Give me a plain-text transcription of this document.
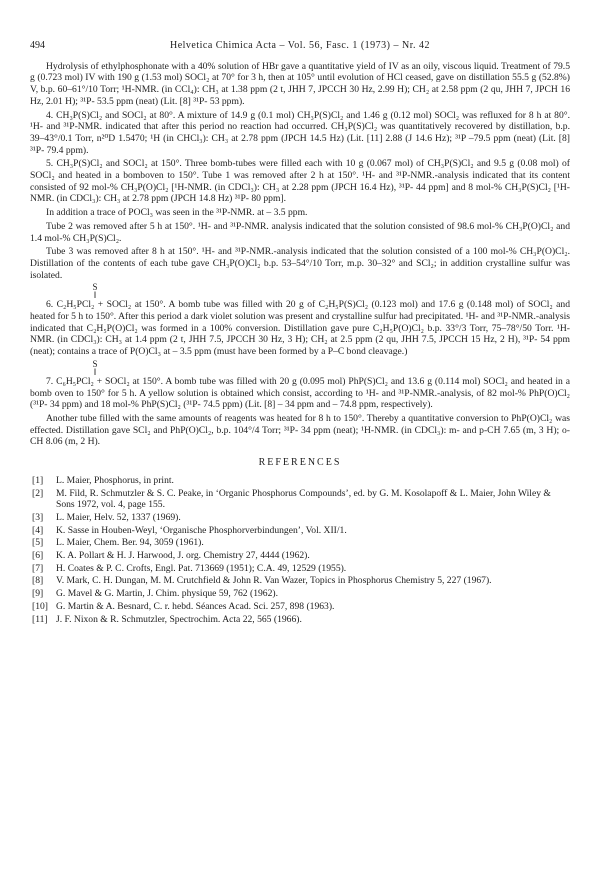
494	Helvetica Chimica Acta – Vol. 56, Fasc. 1 (1973) – Nr. 42

Hydrolysis of ethylphosphonate with a 40% solution of HBr gave a quantitative yield of IV as an oily, viscous liquid. Treatment of 79.5 g (0.723 mol) IV with 190 g (1.53 mol) SOCl₂ at 70° for 3 h, then at 105° until evolution of HCl ceased, gave on distillation 55.5 g (52.8%) V, b.p. 60–61°/10 Torr; ¹H-NMR. (in CCl₄): CH₃ at 1.38 ppm (2 t, JHH 7, JPCCH 30 Hz, 2.99 H); CH₂ at 2.58 ppm (2 qu, JHH 7, JPCH 16 Hz, 2.01 H); ³¹P- 53.5 ppm (neat) (Lit. [8] ³¹P- 53 ppm).

4. CH₃P(S)Cl₂ and SOCl₂ at 80°. A mixture of 14.9 g (0.1 mol) CH₃P(S)Cl₂ and 1.46 g (0.12 mol) SOCl₂ was refluxed for 8 h at 80°. ¹H- and ³¹P-NMR. indicated that after this period no reaction had occurred. CH₃P(S)Cl₂ was quantitatively recovered by distillation, b.p. 39–43°/0.1 Torr, n²⁰D 1.5470; ¹H (in CHCl₃): CH₃ at 2.78 ppm (JPCH 14.5 Hz) (Lit. [11] 2.88 (J 14.6 Hz); ³¹P –79.5 ppm (neat) (Lit. [8] ³¹P- 79.4 ppm).

5. CH₃P(S)Cl₂ and SOCl₂ at 150°. Three bomb-tubes were filled each with 10 g (0.067 mol) of CH₃P(S)Cl₂ and 9.5 g (0.08 mol) of SOCl₂ and heated in a bomboven to 150°. Tube 1 was removed after 2 h at 150°. ¹H- and ³¹P-NMR.-analysis indicated that its content consisted of 92 mol-% CH₃P(O)Cl₂ [¹H-NMR. (in CDCl₃): CH₃ at 2.28 ppm (JPCH 16.4 Hz), ³¹P- 44 ppm] and 8 mol-% CH₃P(S)Cl₂ [¹H-NMR. (in CDCl₃): CH₃ at 2.78 ppm (JPCH 14.8 Hz) ³¹P- 80 ppm].

In addition a trace of POCl₃ was seen in the ³¹P-NMR. at – 3.5 ppm.

Tube 2 was removed after 5 h at 150°. ¹H- and ³¹P-NMR. analysis indicated that the solution consisted of 98.6 mol-% CH₃P(O)Cl₂ and 1.4 mol-% CH₃P(S)Cl₂.

Tube 3 was removed after 8 h at 150°. ¹H- and ³¹P-NMR.-analysis indicated that the solution consisted of a 100 mol-% CH₃P(O)Cl₂. Distillation of the contents of each tube gave CH₃P(O)Cl₂ b.p. 53–54°/10 Torr, m.p. 30–32° and SCl₂; in addition crystalline sulfur was isolated.

S
‖

6. C₂H₅PCl₂ + SOCl₂ at 150°. A bomb tube was filled with 20 g of C₂H₅P(S)Cl₂ (0.123 mol) and 17.6 g (0.148 mol) of SOCl₂ and heated for 5 h to 150°. After this period a dark violet solution was present and crystalline sulfur had precipitated. ¹H- and ³¹P-NMR.-analysis indicated that C₂H₅P(O)Cl₂ was formed in a 100% conversion. Distillation gave pure C₂H₅P(O)Cl₂ b.p. 33°/3 Torr, 75–78°/50 Torr. ¹H-NMR. (in CDCl₃): CH₃ at 1.4 ppm (2 t, JHH 7.5, JPCCH 30 Hz, 3 H); CH₂ at 2.5 ppm (2 qu, JHH 7.5, JPCCH 15 Hz, 2 H), ³¹P- 54 ppm (neat); contains a trace of P(O)Cl₃ at – 3.5 ppm (must have been formed by a P–C bond cleavage.)

S
‖

7. C₆H₅PCl₂ + SOCl₂ at 150°. A bomb tube was filled with 20 g (0.095 mol) PhP(S)Cl₂ and 13.6 g (0.114 mol) SOCl₂ and heated in a bomb oven to 150° for 5 h. A yellow solution is obtained which consist, according to ¹H- and ³¹P-NMR.-analysis, of 82 mol-% PhP(O)Cl₂ (³¹P- 34 ppm) and 18 mol-% PhP(S)Cl₂ (³¹P- 74.5 ppm) (Lit. [8] – 34 ppm and – 74.8 ppm, respectively).

Another tube filled with the same amounts of reagents was heated for 8 h to 150°. Thereby a quantitative conversion to PhP(O)Cl₂ was effected. Distillation gave SCl₂ and PhP(O)Cl₂, b.p. 104°/4 Torr; ³¹P- 34 ppm (neat); ¹H-NMR. (in CDCl₃): m- and p-CH 7.65 (m, 3 H); o-CH 8.06 (m, 2 H).

REFERENCES
[1]	L. Maier, Phosphorus, in print.
[2]	M. Fild, R. Schmutzler & S. C. Peake, in ‘Organic Phosphorus Compounds’, ed. by G. M. Kosolapoff & L. Maier, John Wiley & Sons 1972, vol. 4, page 155.
[3]	L. Maier, Helv. 52, 1337 (1969).
[4]	K. Sasse in Houben-Weyl, ‘Organische Phosphorverbindungen’, Vol. XII/1.
[5]	L. Maier, Chem. Ber. 94, 3059 (1961).
[6]	K. A. Pollart & H. J. Harwood, J. org. Chemistry 27, 4444 (1962).
[7]	H. Coates & P. C. Crofts, Engl. Pat. 713669 (1951); C.A. 49, 12529 (1955).
[8]	V. Mark, C. H. Dungan, M. M. Crutchfield & John R. Van Wazer, Topics in Phosphorus Chemistry 5, 227 (1967).
[9]	G. Mavel & G. Martin, J. Chim. physique 59, 762 (1962).
[10] G. Martin & A. Besnard, C. r. hebd. Séances Acad. Sci. 257, 898 (1963).
[11] J. F. Nixon & R. Schmutzler, Spectrochim. Acta 22, 565 (1966).
